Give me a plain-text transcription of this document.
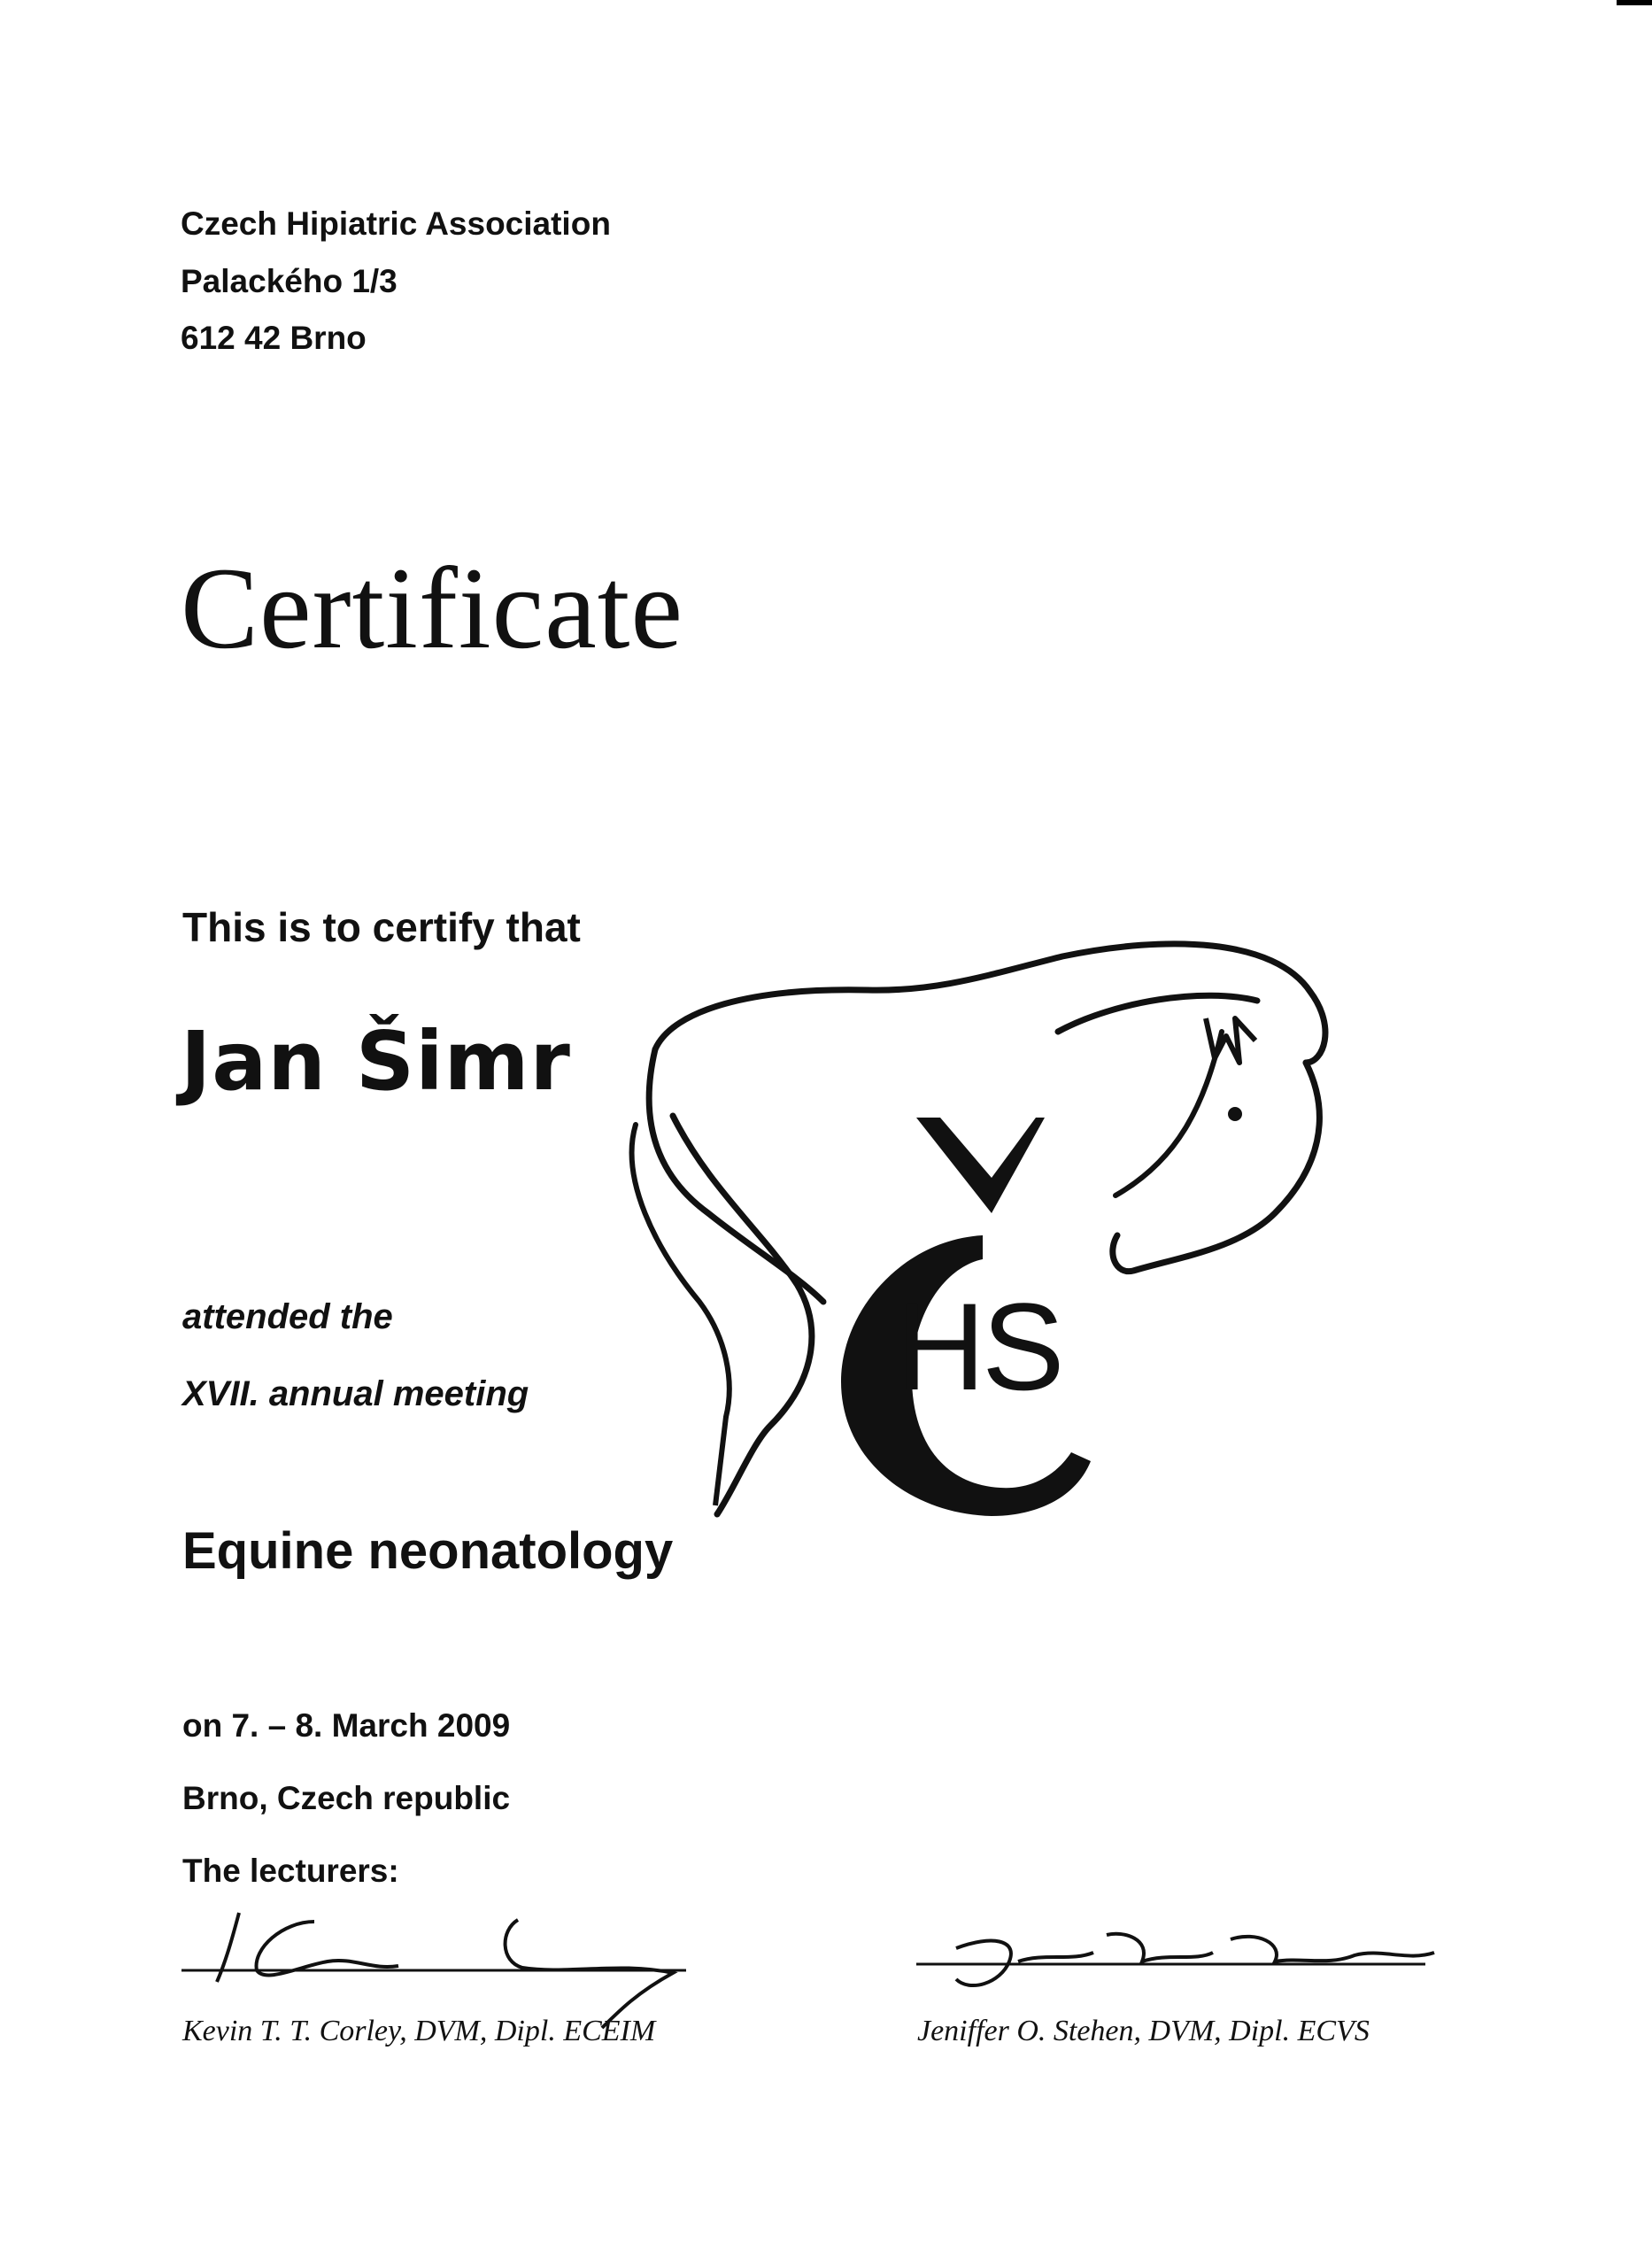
Czech Hipiatric Association
Palackého 1/3
612 42 Brno
Certificate
This is to certify that
Jan Šimr
HS
attended the
XVII. annual meeting
Equine neonatology
on 7. – 8. March 2009
Brno, Czech republic
The lecturers:
Kevin T. T. Corley, DVM, Dipl. ECEIM	Jeniffer O. Stehen, DVM, Dipl. ECVS
